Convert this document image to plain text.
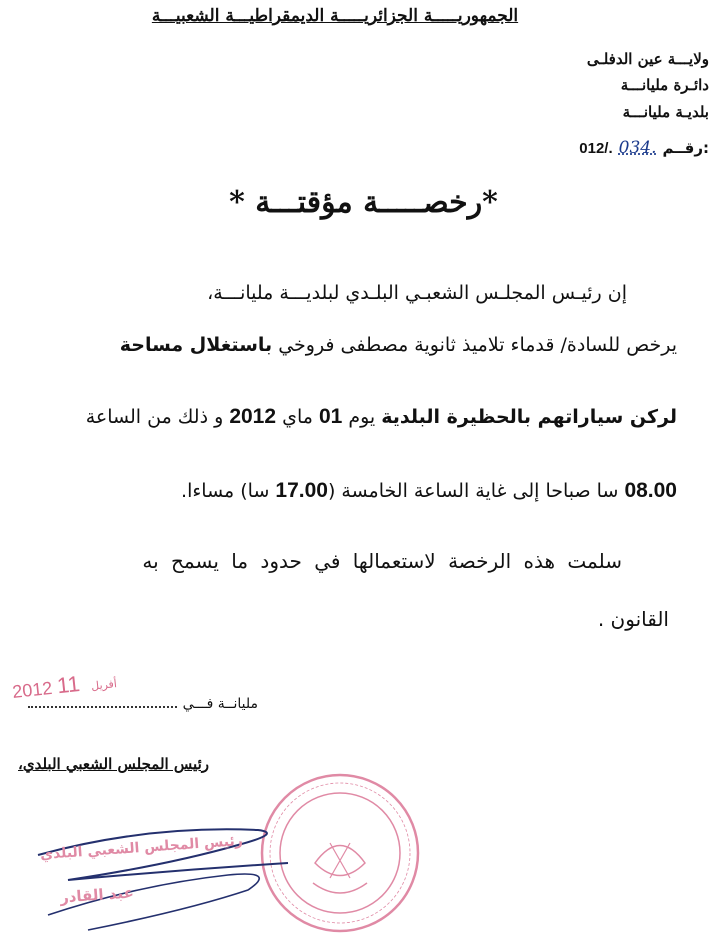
الجمهوريـــــة الجزائريـــــة الديمقراطيـــة الشعبيـــة
ولايـــة عين الدفلـى
دائـرة مليانـــة
بلديـة مليانـــة
012/. 034. رقــم:
*رخصـــــة مؤقتـــة *
إن رئيـس المجلـس الشعبـي البلـدي لبلديـــة مليانـــة،
يرخص للسادة/ قدماء تلاميذ ثانوية مصطفى فروخي باستغلال مساحة
لركن سياراتهم بالحظيرة البلدية يوم 01 ماي 2012 و ذلك من الساعة
08.00 سا صباحا إلى غاية الساعة الخامسة (17.00 سا) مساءا.
سلمت هذه الرخصة لاستعمالها في حدود ما يسمح به
القانون .
2012	أفريل 11
مليانــة فـــي
رئيس المجلس الشعبي البلدي،
رئيس المجلس الشعبي البلدي
عبد القادر
